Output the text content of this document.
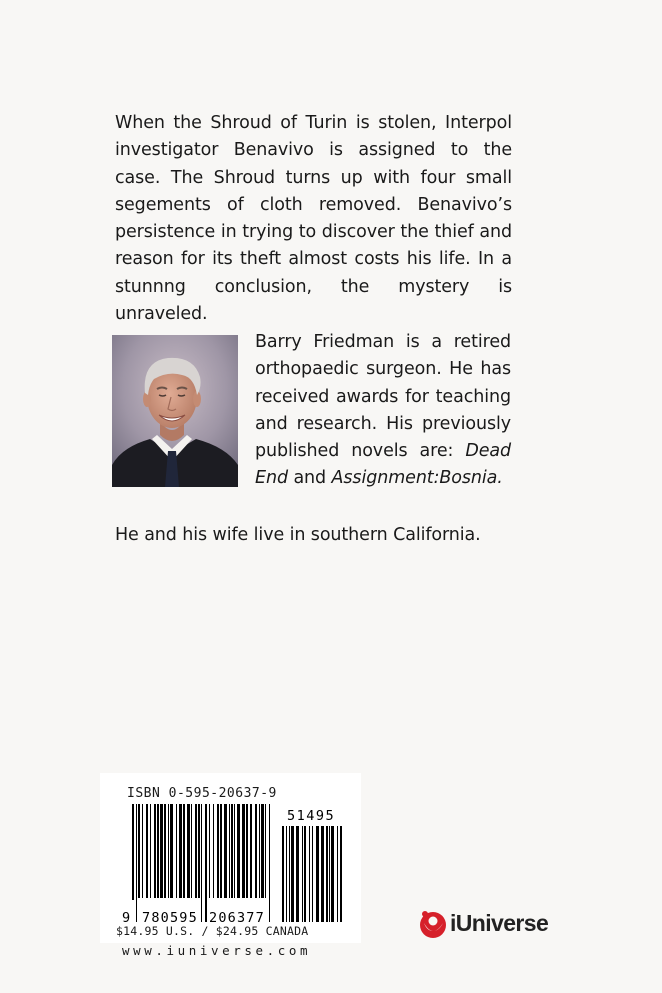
When the Shroud of Turin is stolen, Interpol investigator Benavivo is assigned to the case. The Shroud turns up with four small segements of cloth removed. Benavivo’s persistence in trying to discover the thief and reason for its theft almost costs his life. In a stunnng conclusion, the mystery is unraveled.

Barry Friedman is a retired orthopaedic surgeon. He has received awards for teaching and research. His previously published novels are: Dead End and Assignment:Bosnia.

He and his wife live in southern California.
ISBN 0-595-20637-9
9 780595 206377
51495
$14.95 U.S. / $24.95 CANADA
www.iuniverse.com
iUniverse
